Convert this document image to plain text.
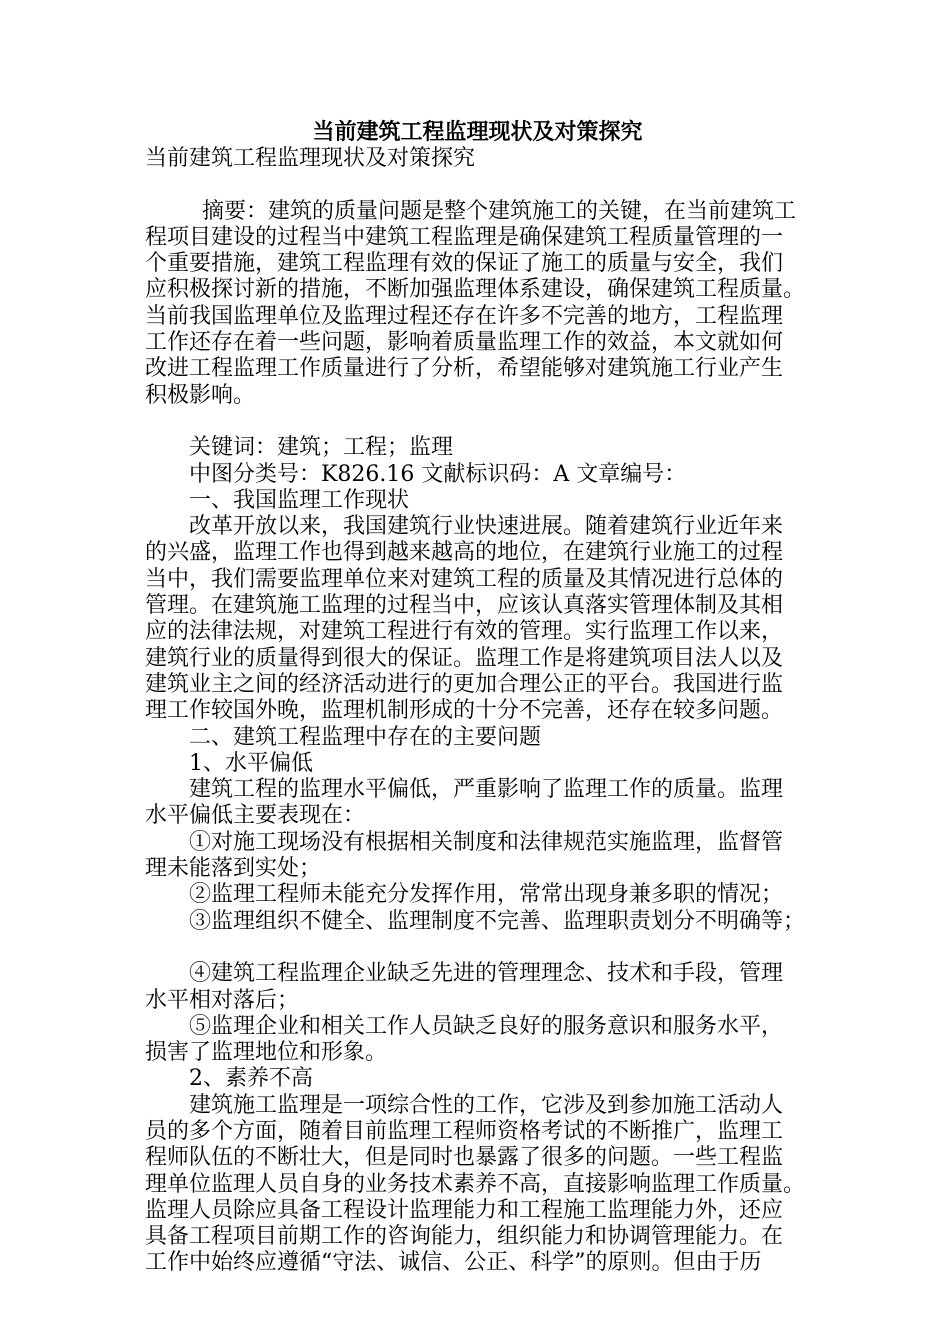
当前建筑工程监理现状及对策探究

当前建筑工程监理现状及对策探究

摘要：建筑的质量问题是整个建筑施工的关键，在当前建筑工

程项目建设的过程当中建筑工程监理是确保建筑工程质量管理的一

个重要措施，建筑工程监理有效的保证了施工的质量与安全，我们

应积极探讨新的措施，不断加强监理体系建设，确保建筑工程质量。

当前我国监理单位及监理过程还存在许多不完善的地方，工程监理

工作还存在着一些问题，影响着质量监理工作的效益，本文就如何

改进工程监理工作质量进行了分析，希望能够对建筑施工行业产生

积极影响。

关键词：建筑；工程；监理

中图分类号：K826.16 文献标识码：A 文章编号：

一、我国监理工作现状

改革开放以来，我国建筑行业快速进展。随着建筑行业近年来

的兴盛，监理工作也得到越来越高的地位，在建筑行业施工的过程

当中，我们需要监理单位来对建筑工程的质量及其情况进行总体的

管理。在建筑施工监理的过程当中，应该认真落实管理体制及其相

应的法律法规，对建筑工程进行有效的管理。实行监理工作以来，

建筑行业的质量得到很大的保证。监理工作是将建筑项目法人以及

建筑业主之间的经济活动进行的更加合理公正的平台。我国进行监

理工作较国外晚，监理机制形成的十分不完善，还存在较多问题。

二、建筑工程监理中存在的主要问题

1、水平偏低

建筑工程的监理水平偏低，严重影响了监理工作的质量。监理

水平偏低主要表现在：

①对施工现场没有根据相关制度和法律规范实施监理，监督管

理未能落到实处；

②监理工程师未能充分发挥作用，常常出现身兼多职的情况；

③监理组织不健全、监理制度不完善、监理职责划分不明确等；

④建筑工程监理企业缺乏先进的管理理念、技术和手段，管理

水平相对落后；

⑤监理企业和相关工作人员缺乏良好的服务意识和服务水平，

损害了监理地位和形象。

2、素养不高

建筑施工监理是一项综合性的工作，它涉及到参加施工活动人

员的多个方面，随着目前监理工程师资格考试的不断推广，监理工

程师队伍的不断壮大，但是同时也暴露了很多的问题。一些工程监

理单位监理人员自身的业务技术素养不高，直接影响监理工作质量。

监理人员除应具备工程设计监理能力和工程施工监理能力外，还应

具备工程项目前期工作的咨询能力，组织能力和协调管理能力。在

工作中始终应遵循“守法、诚信、公正、科学”的原则。但由于历
